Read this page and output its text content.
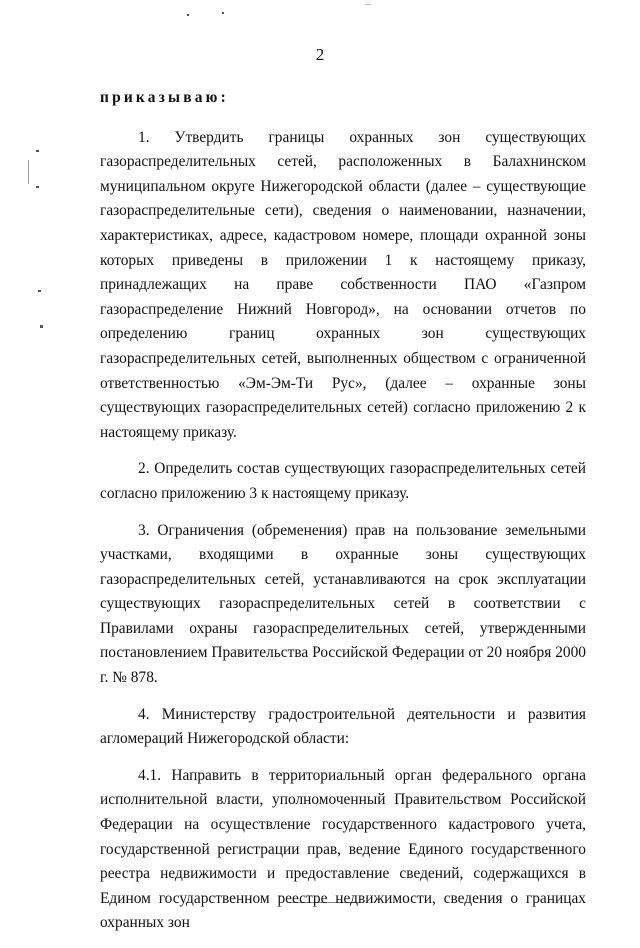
2

приказываю:

1. Утвердить границы охранных зон существующих газораспределительных сетей, расположенных в Балахнинском муниципальном округе Нижегородской области (далее – существующие газораспределительные сети), сведения о наименовании, назначении, характеристиках, адресе, кадастровом номере, площади охранной зоны которых приведены в приложении 1 к настоящему приказу, принадлежащих на праве собственности ПАО «Газпром газораспределение Нижний Новгород», на основании отчетов по определению границ охранных зон существующих газораспределительных сетей, выполненных обществом с ограниченной ответственностью «Эм-Эм-Ти Рус», (далее – охранные зоны существующих газораспределительных сетей) согласно приложению 2 к настоящему приказу.

2. Определить состав существующих газораспределительных сетей согласно приложению 3 к настоящему приказу.

3. Ограничения (обременения) прав на пользование земельными участками, входящими в охранные зоны существующих газораспределительных сетей, устанавливаются на срок эксплуатации существующих газораспределительных сетей в соответствии с Правилами охраны газораспределительных сетей, утвержденными постановлением Правительства Российской Федерации от 20 ноября 2000 г. № 878.

4. Министерству градостроительной деятельности и развития агломераций Нижегородской области:

4.1. Направить в территориальный орган федерального органа исполнительной власти, уполномоченный Правительством Российской Федерации на осуществление государственного кадастрового учета, государственной регистрации прав, ведение Единого государственного реестра недвижимости и предоставление сведений, содержащихся в Едином государственном реестре недвижимости, сведения о границах охранных зон
